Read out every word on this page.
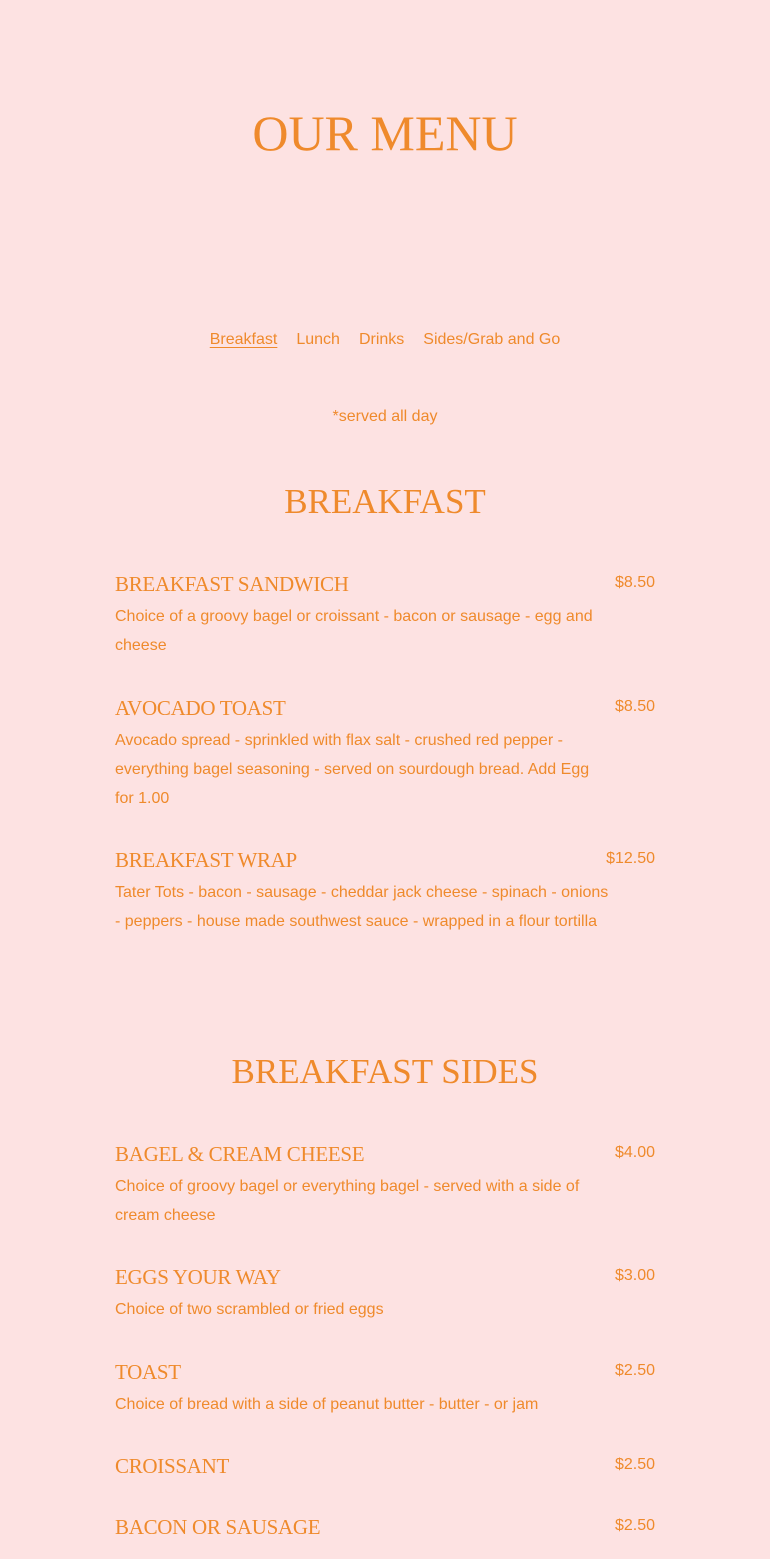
OUR MENU
Breakfast Lunch Drinks Sides/Grab and Go
*served all day
BREAKFAST
BREAKFAST SANDWICH	$8.50
Choice of a groovy bagel or croissant - bacon or sausage - egg and cheese
AVOCADO TOAST	$8.50
Avocado spread - sprinkled with flax salt - crushed red pepper - everything bagel seasoning - served on sourdough bread. Add Egg for 1.00
BREAKFAST WRAP	$12.50
Tater Tots - bacon - sausage - cheddar jack cheese - spinach - onions - peppers - house made southwest sauce - wrapped in a flour tortilla
BREAKFAST SIDES
BAGEL & CREAM CHEESE	$4.00
Choice of groovy bagel or everything bagel - served with a side of cream cheese
EGGS YOUR WAY	$3.00
Choice of two scrambled or fried eggs
TOAST	$2.50
Choice of bread with a side of peanut butter - butter - or jam
CROISSANT	$2.50
BACON OR SAUSAGE	$2.50
